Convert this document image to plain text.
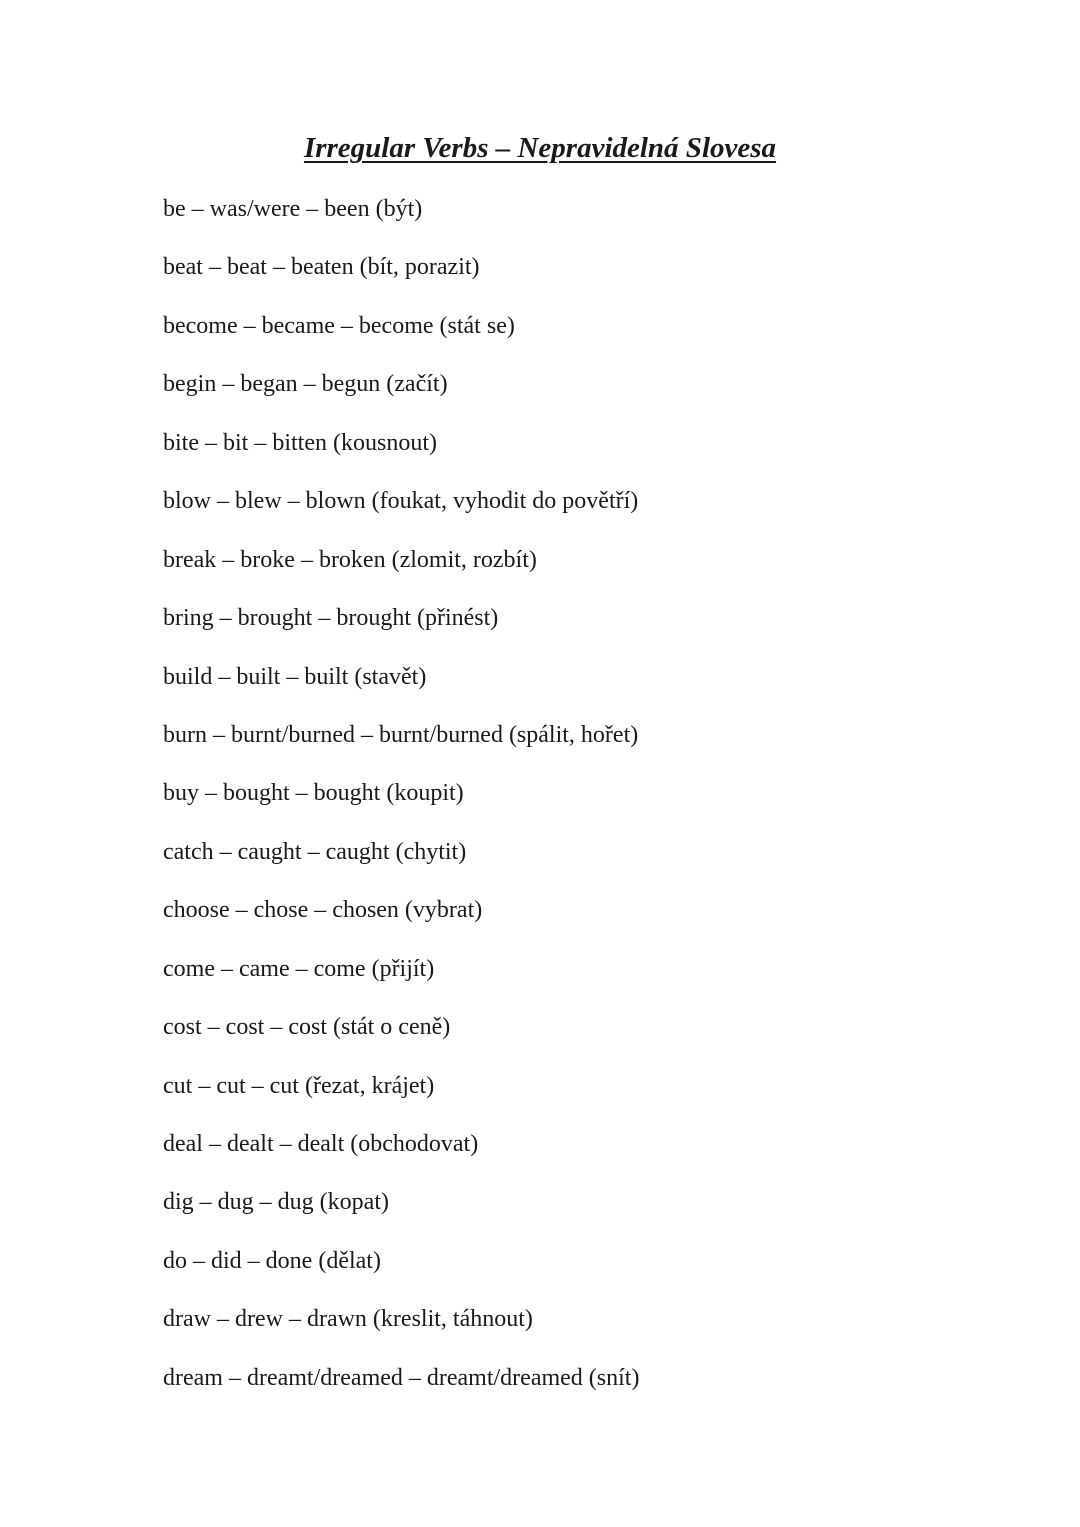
Irregular Verbs – Nepravidelná Slovesa
be – was/were – been (být)
beat – beat – beaten (bít, porazit)
become – became – become (stát se)
begin – began – begun (začít)
bite – bit – bitten (kousnout)
blow – blew – blown (foukat, vyhodit do povětří)
break – broke – broken (zlomit, rozbít)
bring – brought – brought (přinést)
build – built – built (stavět)
burn – burnt/burned – burnt/burned (spálit, hořet)
buy – bought – bought (koupit)
catch – caught – caught (chytit)
choose – chose – chosen (vybrat)
come – came – come (přijít)
cost – cost – cost (stát o ceně)
cut – cut – cut (řezat, krájet)
deal – dealt – dealt (obchodovat)
dig – dug – dug (kopat)
do – did – done (dělat)
draw – drew – drawn (kreslit, táhnout)
dream – dreamt/dreamed – dreamt/dreamed (snít)
